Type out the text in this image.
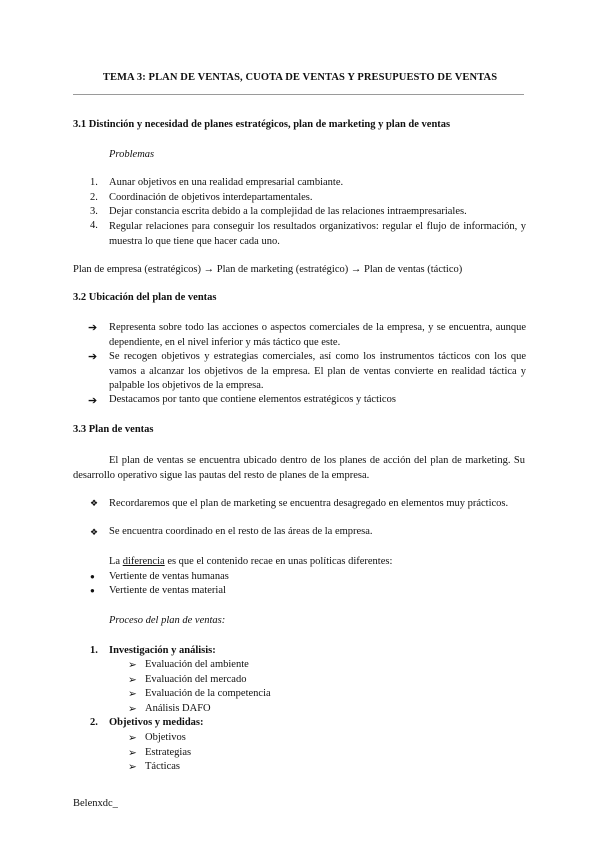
TEMA 3: PLAN DE VENTAS, CUOTA DE VENTAS Y PRESUPUESTO DE VENTAS
3.1 Distinción y necesidad de planes estratégicos, plan de marketing y plan de ventas
Problemas
1. Aunar objetivos en una realidad empresarial cambiante.
2. Coordinación de objetivos interdepartamentales.
3. Dejar constancia escrita debido a la complejidad de las relaciones intraempresariales.
4. Regular relaciones para conseguir los resultados organizativos: regular el flujo de información, y muestra lo que tiene que hacer cada uno.
Plan de empresa (estratégicos) → Plan de marketing (estratégico) → Plan de ventas (táctico)
3.2 Ubicación del plan de ventas
➔ Representa sobre todo las acciones o aspectos comerciales de la empresa, y se encuentra, aunque dependiente, en el nivel inferior y más táctico que este.
➔ Se recogen objetivos y estrategias comerciales, así como los instrumentos tácticos con los que vamos a alcanzar los objetivos de la empresa. El plan de ventas convierte en realidad táctica y palpable los objetivos de la empresa.
➔ Destacamos por tanto que contiene elementos estratégicos y tácticos
3.3 Plan de ventas
El plan de ventas se encuentra ubicado dentro de los planes de acción del plan de marketing. Su desarrollo operativo sigue las pautas del resto de planes de la empresa.
❖ Recordaremos que el plan de marketing se encuentra desagregado en elementos muy prácticos.
❖ Se encuentra coordinado en el resto de las áreas de la empresa.
La diferencia es que el contenido recae en unas políticas diferentes:
● Vertiente de ventas humanas
● Vertiente de ventas material
Proceso del plan de ventas:
1. Investigación y análisis:
➢ Evaluación del ambiente
➢ Evaluación del mercado
➢ Evaluación de la competencia
➢ Análisis DAFO
2. Objetivos y medidas:
➢ Objetivos
➢ Estrategias
➢ Tácticas
Belenxdc_
